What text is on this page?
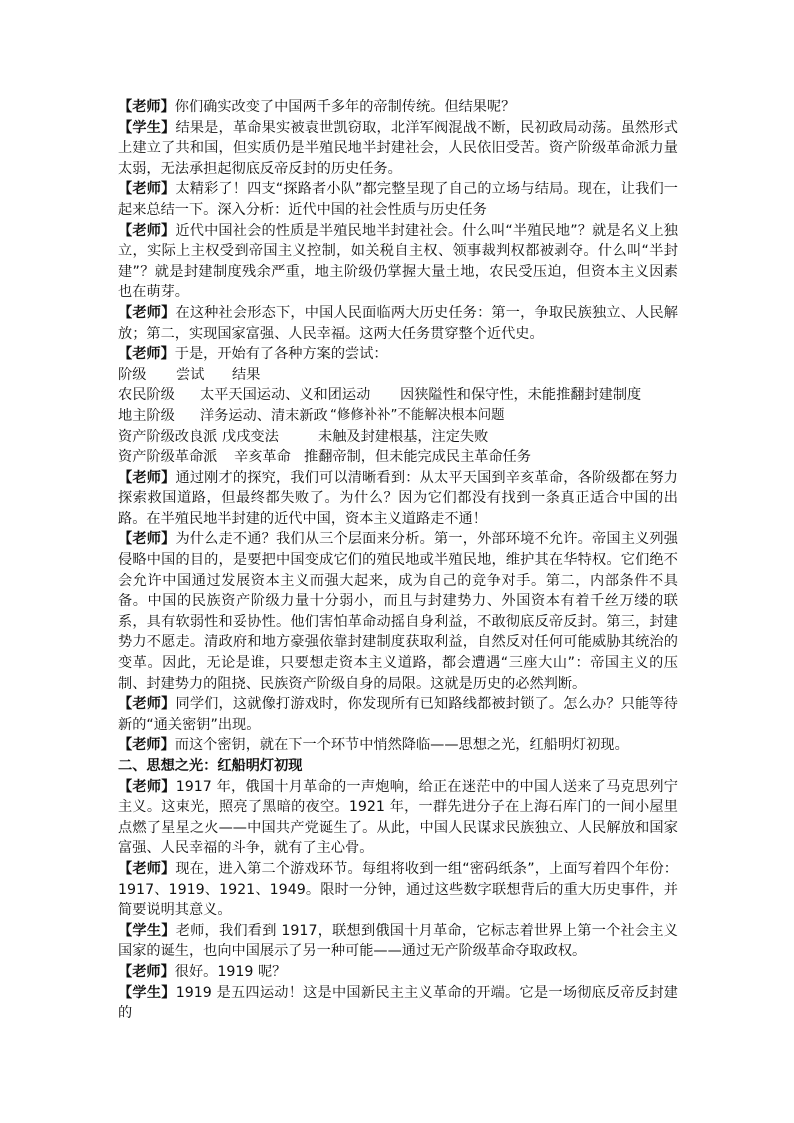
【老师】你们确实改变了中国两千多年的帝制传统。但结果呢？

【学生】结果是，革命果实被袁世凯窃取，北洋军阀混战不断，民初政局动荡。虽然形式上建立了共和国，但实质仍是半殖民地半封建社会，人民依旧受苦。资产阶级革命派力量太弱，无法承担起彻底反帝反封的历史任务。

【老师】太精彩了！四支“探路者小队”都完整呈现了自己的立场与结局。现在，让我们一起来总结一下。深入分析：近代中国的社会性质与历史任务

【老师】近代中国社会的性质是半殖民地半封建社会。什么叫“半殖民地”？就是名义上独立，实际上主权受到帝国主义控制，如关税自主权、领事裁判权都被剥夺。什么叫“半封建”？就是封建制度残余严重，地主阶级仍掌握大量土地，农民受压迫，但资本主义因素也在萌芽。

【老师】在这种社会形态下，中国人民面临两大历史任务：第一，争取民族独立、人民解放；第二，实现国家富强、人民幸福。这两大任务贯穿整个近代史。

【老师】于是，开始有了各种方案的尝试：

阶级	尝试	结果
农民阶级	太平天国运动、义和团运动	因狭隘性和保守性，未能推翻封建制度
地主阶级	洋务运动、清末新政 “修修补补”不能解决根本问题
资产阶级改良派 戊戌变法	未触及封建根基，注定失败
资产阶级革命派	辛亥革命 推翻帝制，但未能完成民主革命任务

【老师】通过刚才的探究，我们可以清晰看到：从太平天国到辛亥革命，各阶级都在努力探索救国道路，但最终都失败了。为什么？因为它们都没有找到一条真正适合中国的出路。在半殖民地半封建的近代中国，资本主义道路走不通！

【老师】为什么走不通？我们从三个层面来分析。第一，外部环境不允许。帝国主义列强侵略中国的目的，是要把中国变成它们的殖民地或半殖民地，维护其在华特权。它们绝不会允许中国通过发展资本主义而强大起来，成为自己的竞争对手。第二，内部条件不具备。中国的民族资产阶级力量十分弱小，而且与封建势力、外国资本有着千丝万缕的联系，具有软弱性和妥协性。他们害怕革命动摇自身利益，不敢彻底反帝反封。第三，封建势力不愿走。清政府和地方豪强依靠封建制度获取利益，自然反对任何可能威胁其统治的变革。因此，无论是谁，只要想走资本主义道路，都会遭遇“三座大山”：帝国主义的压制、封建势力的阻挠、民族资产阶级自身的局限。这就是历史的必然判断。

【老师】同学们，这就像打游戏时，你发现所有已知路线都被封锁了。怎么办？只能等待新的“通关密钥”出现。

【老师】而这个密钥，就在下一个环节中悄然降临——思想之光，红船明灯初现。

二、思想之光：红船明灯初现

【老师】1917 年，俄国十月革命的一声炮响，给正在迷茫中的中国人送来了马克思列宁主义。这束光，照亮了黑暗的夜空。1921 年，一群先进分子在上海石库门的一间小屋里点燃了星星之火——中国共产党诞生了。从此，中国人民谋求民族独立、人民解放和国家富强、人民幸福的斗争，就有了主心骨。

【老师】现在，进入第二个游戏环节。每组将收到一组“密码纸条”，上面写着四个年份：1917、1919、1921、1949。限时一分钟，通过这些数字联想背后的重大历史事件，并简要说明其意义。

【学生】老师，我们看到 1917，联想到俄国十月革命，它标志着世界上第一个社会主义国家的诞生，也向中国展示了另一种可能——通过无产阶级革命夺取政权。

【老师】很好。1919 呢？

【学生】1919 是五四运动！这是中国新民主主义革命的开端。它是一场彻底反帝反封建的
